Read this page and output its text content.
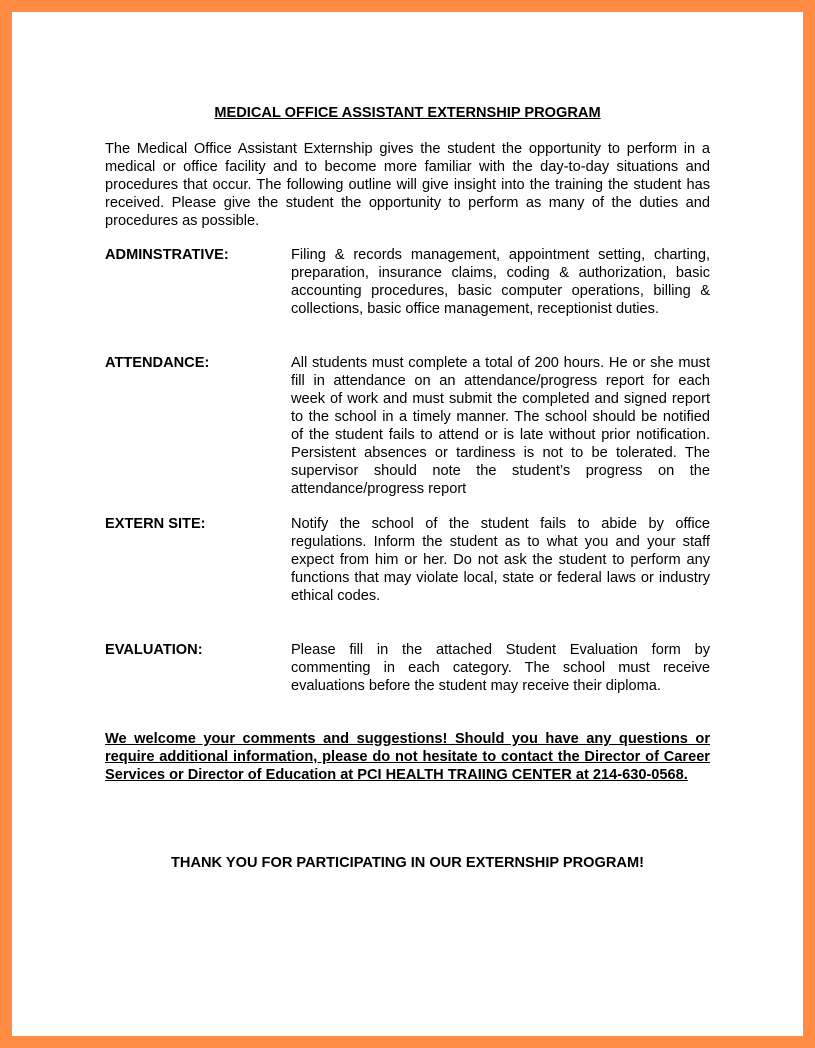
MEDICAL OFFICE ASSISTANT EXTERNSHIP PROGRAM
The Medical Office Assistant Externship gives the student the opportunity to perform in a medical or office facility and to become more familiar with the day-to-day situations and procedures that occur. The following outline will give insight into the training the student has received. Please give the student the opportunity to perform as many of the duties and procedures as possible.
ADMINSTRATIVE:	Filing & records management, appointment setting, charting, preparation, insurance claims, coding & authorization, basic accounting procedures, basic computer operations, billing & collections, basic office management, receptionist duties.
ATTENDANCE:	All students must complete a total of 200 hours. He or she must fill in attendance on an attendance/progress report for each week of work and must submit the completed and signed report to the school in a timely manner. The school should be notified of the student fails to attend or is late without prior notification. Persistent absences or tardiness is not to be tolerated. The supervisor should note the student’s progress on the attendance/progress report
EXTERN SITE:	Notify the school of the student fails to abide by office regulations. Inform the student as to what you and your staff expect from him or her. Do not ask the student to perform any functions that may violate local, state or federal laws or industry ethical codes.
EVALUATION:	Please fill in the attached Student Evaluation form by commenting in each category. The school must receive evaluations before the student may receive their diploma.
We welcome your comments and suggestions! Should you have any questions or require additional information, please do not hesitate to contact the Director of Career Services or Director of Education at PCI HEALTH TRAIING CENTER at 214-630-0568.
THANK YOU FOR PARTICIPATING IN OUR EXTERNSHIP PROGRAM!
